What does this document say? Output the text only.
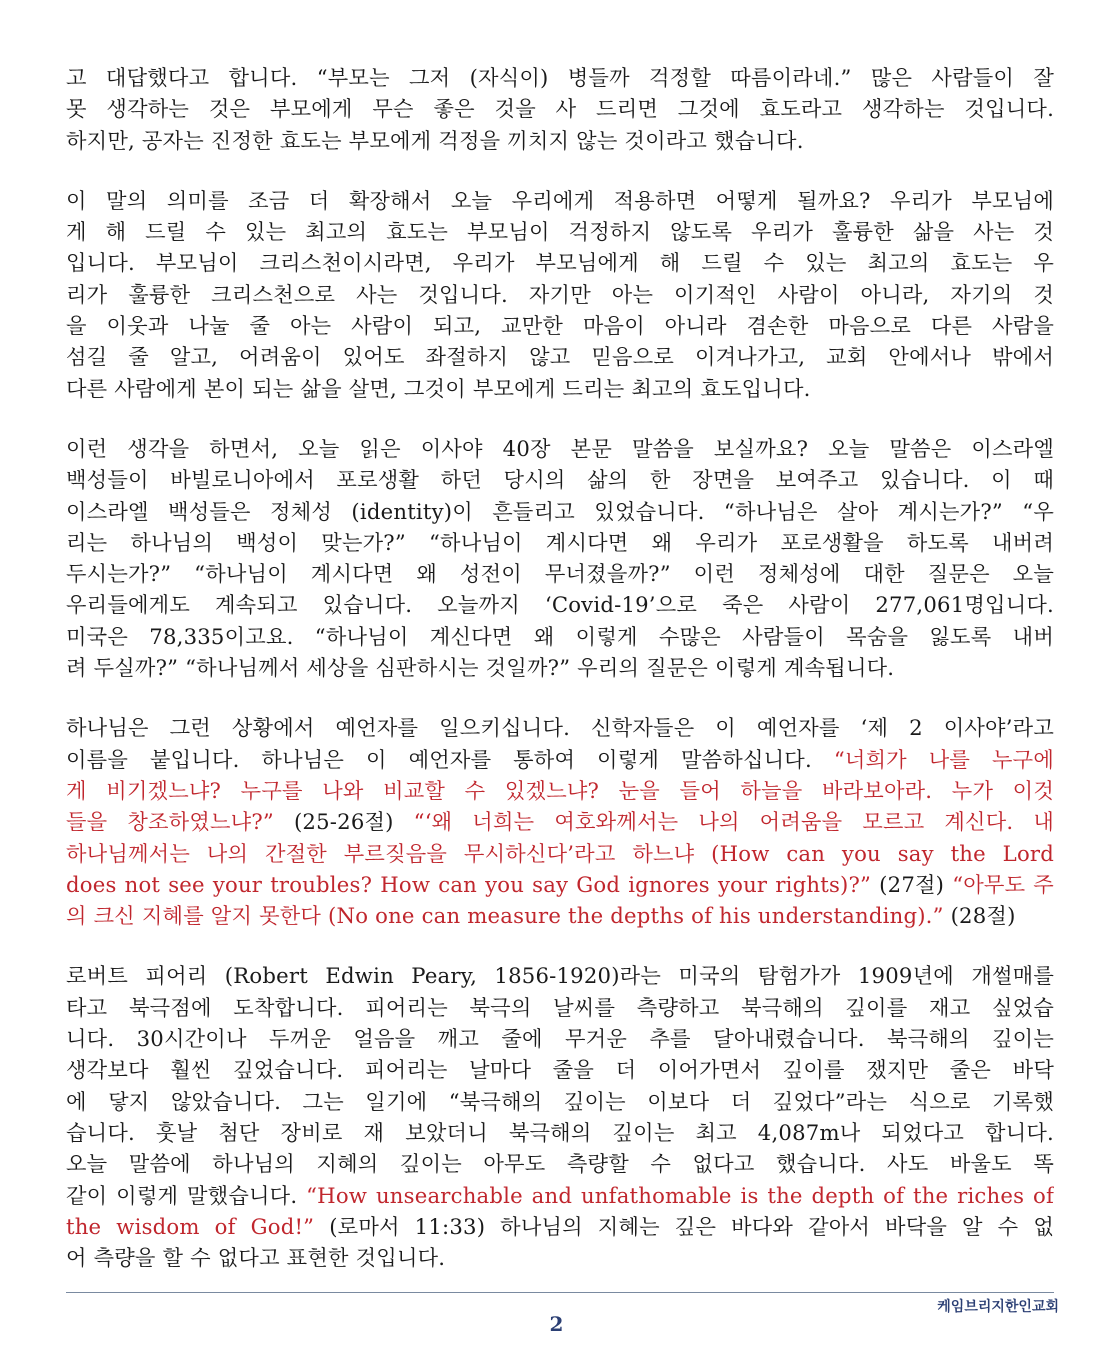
고 대답했다고 합니다. “부모는 그저 (자식이) 병들까 걱정할 따름이라네.” 많은 사람들이 잘
못 생각하는 것은 부모에게 무슨 좋은 것을 사 드리면 그것에 효도라고 생각하는 것입니다.
하지만, 공자는 진정한 효도는 부모에게 걱정을 끼치지 않는 것이라고 했습니다.

이 말의 의미를 조금 더 확장해서 오늘 우리에게 적용하면 어떻게 될까요? 우리가 부모님에
게 해 드릴 수 있는 최고의 효도는 부모님이 걱정하지 않도록 우리가 훌륭한 삶을 사는 것
입니다. 부모님이 크리스천이시라면, 우리가 부모님에게 해 드릴 수 있는 최고의 효도는 우
리가 훌륭한 크리스천으로 사는 것입니다. 자기만 아는 이기적인 사람이 아니라, 자기의 것
을 이웃과 나눌 줄 아는 사람이 되고, 교만한 마음이 아니라 겸손한 마음으로 다른 사람을
섬길 줄 알고, 어려움이 있어도 좌절하지 않고 믿음으로 이겨나가고, 교회 안에서나 밖에서
다른 사람에게 본이 되는 삶을 살면, 그것이 부모에게 드리는 최고의 효도입니다.

이런 생각을 하면서, 오늘 읽은 이사야 40장 본문 말씀을 보실까요? 오늘 말씀은 이스라엘
백성들이 바빌로니아에서 포로생활 하던 당시의 삶의 한 장면을 보여주고 있습니다. 이 때
이스라엘 백성들은 정체성 (identity)이 흔들리고 있었습니다. “하나님은 살아 계시는가?” “우
리는 하나님의 백성이 맞는가?” “하나님이 계시다면 왜 우리가 포로생활을 하도록 내버려
두시는가?” “하나님이 계시다면 왜 성전이 무너졌을까?” 이런 정체성에 대한 질문은 오늘
우리들에게도 계속되고 있습니다. 오늘까지 ‘Covid-19’으로 죽은 사람이 277,061명입니다.
미국은 78,335이고요. “하나님이 계신다면 왜 이렇게 수많은 사람들이 목숨을 잃도록 내버
려 두실까?” “하나님께서 세상을 심판하시는 것일까?” 우리의 질문은 이렇게 계속됩니다.

하나님은 그런 상황에서 예언자를 일으키십니다. 신학자들은 이 예언자를 ‘제 2 이사야’라고
이름을 붙입니다. 하나님은 이 예언자를 통하여 이렇게 말씀하십니다. “너희가 나를 누구에
게 비기겠느냐? 누구를 나와 비교할 수 있겠느냐? 눈을 들어 하늘을 바라보아라. 누가 이것
들을 창조하였느냐?” (25-26절) “‘왜 너희는 여호와께서는 나의 어려움을 모르고 계신다. 내
하나님께서는 나의 간절한 부르짖음을 무시하신다’라고 하느냐 (How can you say the Lord
does not see your troubles? How can you say God ignores your rights)?” (27절) “아무도 주
의 크신 지혜를 알지 못한다 (No one can measure the depths of his understanding).” (28절)

로버트 피어리 (Robert Edwin Peary, 1856-1920)라는 미국의 탐험가가 1909년에 개썰매를
타고 북극점에 도착합니다. 피어리는 북극의 날씨를 측량하고 북극해의 깊이를 재고 싶었습
니다. 30시간이나 두꺼운 얼음을 깨고 줄에 무거운 추를 달아내렸습니다. 북극해의 깊이는
생각보다 훨씬 깊었습니다. 피어리는 날마다 줄을 더 이어가면서 깊이를 쟀지만 줄은 바닥
에 닿지 않았습니다. 그는 일기에 “북극해의 깊이는 이보다 더 깊었다”라는 식으로 기록했
습니다. 훗날 첨단 장비로 재 보았더니 북극해의 깊이는 최고 4,087m나 되었다고 합니다.
오늘 말씀에 하나님의 지혜의 깊이는 아무도 측량할 수 없다고 했습니다. 사도 바울도 똑
같이 이렇게 말했습니다. “How unsearchable and unfathomable is the depth of the riches of
the wisdom of God!” (로마서 11:33) 하나님의 지혜는 깊은 바다와 같아서 바닥을 알 수 없
어 측량을 할 수 없다고 표현한 것입니다.

케임브리지한인교회
2
